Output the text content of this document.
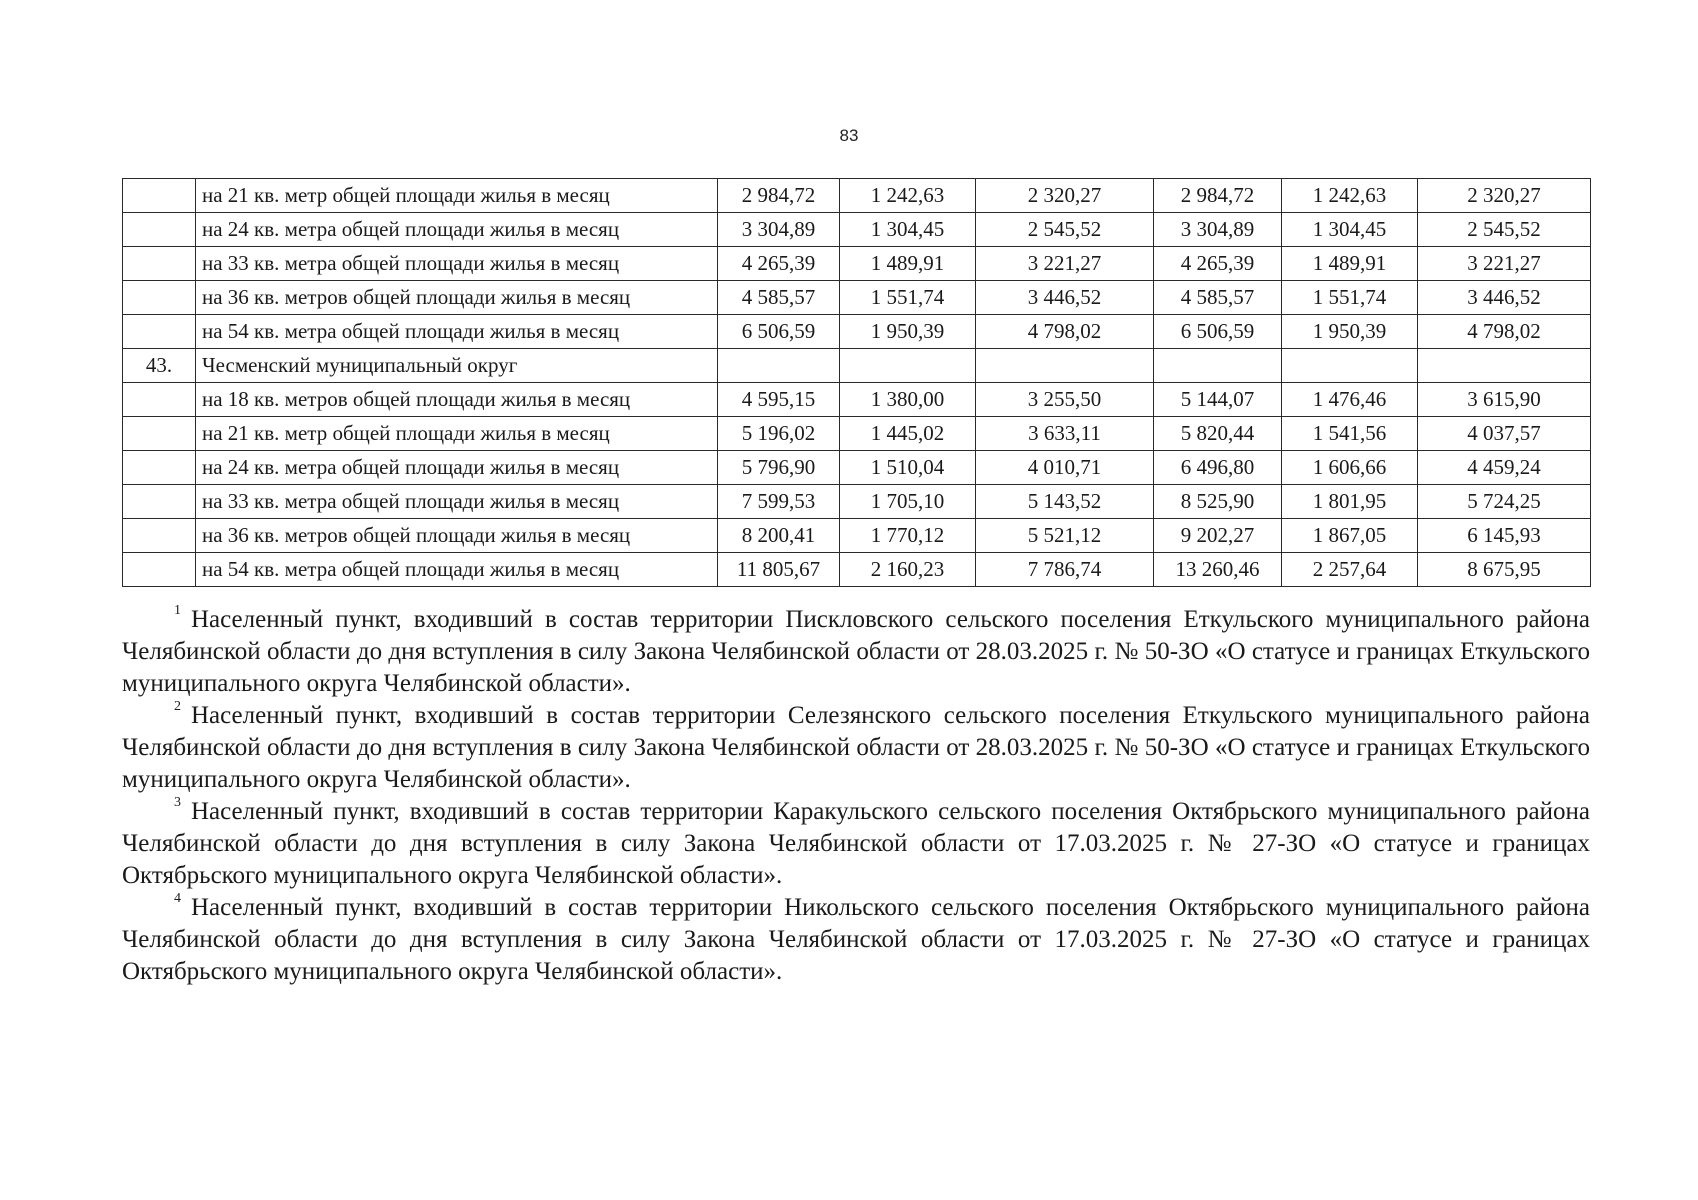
83
	на 21 кв. метр общей площади жилья в месяц	2 984,72	1 242,63	2 320,27	2 984,72	1 242,63	2 320,27
	на 24 кв. метра общей площади жилья в месяц	3 304,89	1 304,45	2 545,52	3 304,89	1 304,45	2 545,52
	на 33 кв. метра общей площади жилья в месяц	4 265,39	1 489,91	3 221,27	4 265,39	1 489,91	3 221,27
	на 36 кв. метров общей площади жилья в месяц	4 585,57	1 551,74	3 446,52	4 585,57	1 551,74	3 446,52
	на 54 кв. метра общей площади жилья в месяц	6 506,59	1 950,39	4 798,02	6 506,59	1 950,39	4 798,02
43.	Чесменский муниципальный округ						
	на 18 кв. метров общей площади жилья в месяц	4 595,15	1 380,00	3 255,50	5 144,07	1 476,46	3 615,90
	на 21 кв. метр общей площади жилья в месяц	5 196,02	1 445,02	3 633,11	5 820,44	1 541,56	4 037,57
	на 24 кв. метра общей площади жилья в месяц	5 796,90	1 510,04	4 010,71	6 496,80	1 606,66	4 459,24
	на 33 кв. метра общей площади жилья в месяц	7 599,53	1 705,10	5 143,52	8 525,90	1 801,95	5 724,25
	на 36 кв. метров общей площади жилья в месяц	8 200,41	1 770,12	5 521,12	9 202,27	1 867,05	6 145,93
	на 54 кв. метра общей площади жилья в месяц	11 805,67	2 160,23	7 786,74	13 260,46	2 257,64	8 675,95

$^1$ Населенный пункт, входивший в состав территории Пискловского сельского поселения Еткульского муниципального района Челябинской области до дня вступления в силу Закона Челябинской области от 28.03.2025 г. № 50-ЗО «О статусе и границах Еткульского муниципального округа Челябинской области».

$^2$ Населенный пункт, входивший в состав территории Селезянского сельского поселения Еткульского муниципального района Челябинской области до дня вступления в силу Закона Челябинской области от 28.03.2025 г. № 50-ЗО «О статусе и границах Еткульского муниципального округа Челябинской области».

$^3$ Населенный пункт, входивший в состав территории Каракульского сельского поселения Октябрьского муниципального района Челябинской области до дня вступления в силу Закона Челябинской области от 17.03.2025 г. № 27-ЗО «О статусе и границах Октябрьского муниципального округа Челябинской области».

$^4$ Населенный пункт, входивший в состав территории Никольского сельского поселения Октябрьского муниципального района Челябинской области до дня вступления в силу Закона Челябинской области от 17.03.2025 г. № 27-ЗО «О статусе и границах Октябрьского муниципального округа Челябинской области».
